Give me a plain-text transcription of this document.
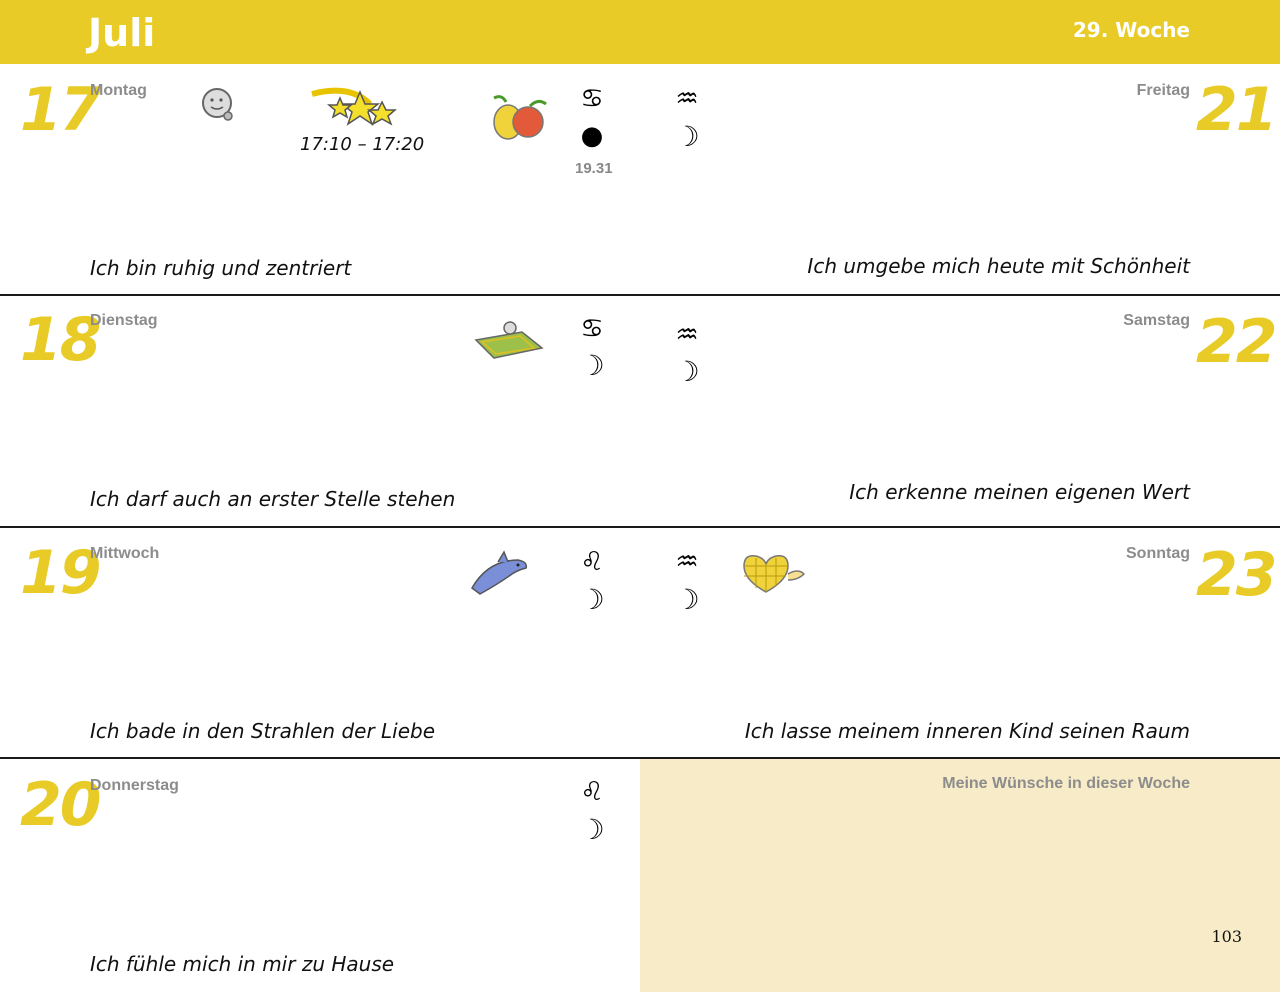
Juli	29. Woche
17
Montag
17:10 – 17:20
♋
●
19.31
♒
☽
Freitag 21
Ich bin ruhig und zentriert	Ich umgebe mich heute mit Schönheit
18
Dienstag	♋
☽
♒
☽
Samstag 22
Ich darf auch an erster Stelle stehen	Ich erkenne meinen eigenen Wert
19
Mittwoch	♌
☽
♒
☽
Sonntag 23
Ich bade in den Strahlen der Liebe	Ich lasse meinem inneren Kind seinen Raum
20
Donnerstag	♌
☽
Ich fühle mich in mir zu Hause
Meine Wünsche in dieser Woche
103
